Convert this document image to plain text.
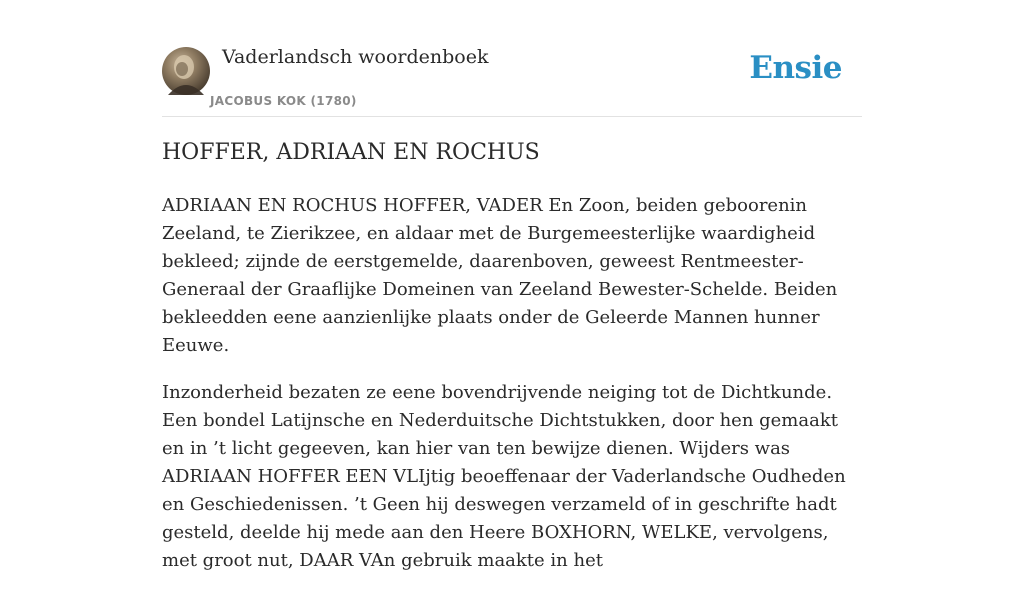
Vaderlandsch woordenboek
JACOBUS KOK (1780)
Ensie
HOFFER, ADRIAAN EN ROCHUS

ADRIAAN EN ROCHUS HOFFER, VADER En Zoon, beiden geboorenin Zeeland, te Zierikzee, en aldaar met de Burgemeesterlijke waardigheid bekleed; zijnde de eerstgemelde, daarenboven, geweest Rentmeester-Generaal der Graaflijke Domeinen van Zeeland Bewester-Schelde. Beiden bekleedden eene aanzienlijke plaats onder de Geleerde Mannen hunner Eeuwe.

Inzonderheid bezaten ze eene bovendrijvende neiging tot de Dichtkunde. Een bondel Latijnsche en Nederduitsche Dichtstukken, door hen gemaakt en in ’t licht gegeeven, kan hier van ten bewijze dienen. Wijders was ADRIAAN HOFFER EEN VLIjtig beoeffenaar der Vaderlandsche Oudheden en Geschiedenissen. ’t Geen hij deswegen verzameld of in geschrifte hadt gesteld, deelde hij mede aan den Heere BOXHORN, WELKE, vervolgens, met groot nut, DAAR VAn gebruik maakte in het
